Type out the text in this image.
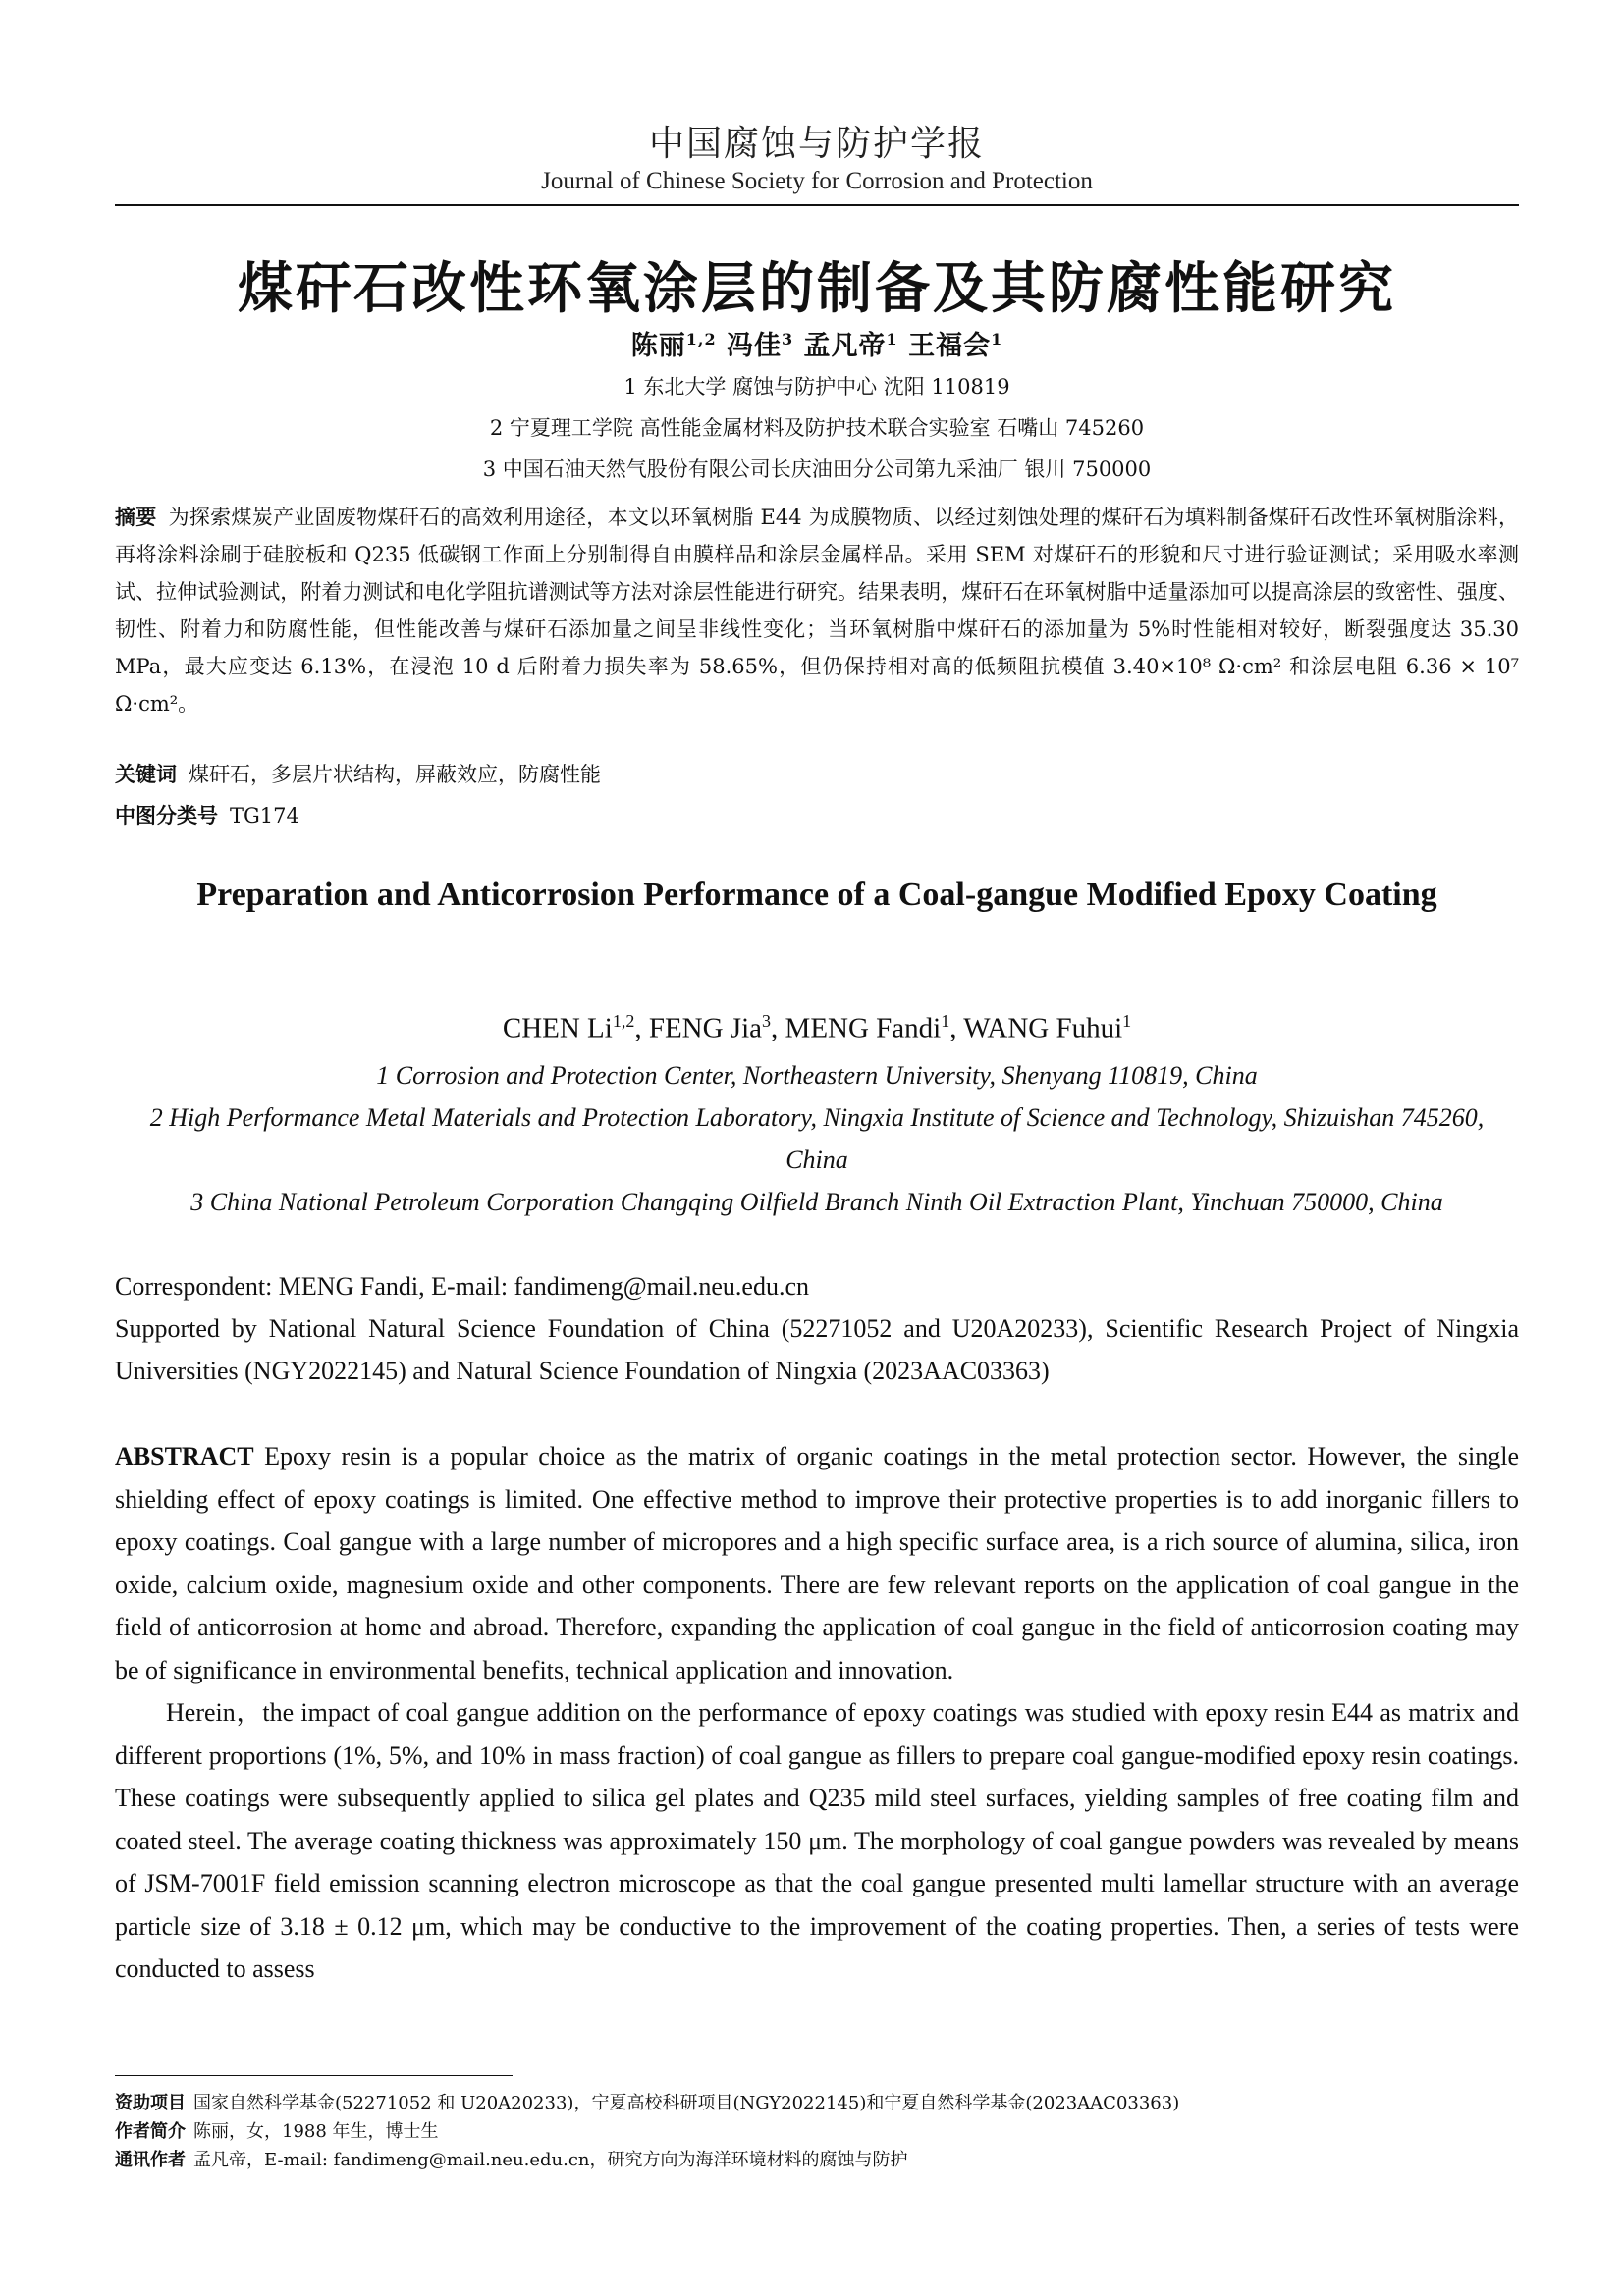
中国腐蚀与防护学报
Journal of Chinese Society for Corrosion and Protection
煤矸石改性环氧涂层的制备及其防腐性能研究
陈丽$^{1,2}$ 冯佳$^3$ 孟凡帝$^1$ 王福会$^1$
1 东北大学 腐蚀与防护中心 沈阳 110819
2 宁夏理工学院 高性能金属材料及防护技术联合实验室 石嘴山 745260
3 中国石油天然气股份有限公司长庆油田分公司第九采油厂 银川 750000
摘要 为探索煤炭产业固废物煤矸石的高效利用途径，本文以环氧树脂 E44 为成膜物质、以经过刻蚀处理的煤矸石为填料制备煤矸石改性环氧树脂涂料，再将涂料涂刷于硅胶板和 Q235 低碳钢工作面上分别制得自由膜样品和涂层金属样品。采用 SEM 对煤矸石的形貌和尺寸进行验证测试；采用吸水率测试、拉伸试验测试，附着力测试和电化学阻抗谱测试等方法对涂层性能进行研究。结果表明，煤矸石在环氧树脂中适量添加可以提高涂层的致密性、强度、韧性、附着力和防腐性能，但性能改善与煤矸石添加量之间呈非线性变化；当环氧树脂中煤矸石的添加量为 5%时性能相对较好，断裂强度达 35.30 MPa，最大应变达 6.13%，在浸泡 10 d 后附着力损失率为 58.65%，但仍保持相对高的低频阻抗模值 3.40×10⁸ Ω·cm² 和涂层电阻 6.36 × 10⁷ Ω·cm²。
关键词 煤矸石，多层片状结构，屏蔽效应，防腐性能
中图分类号 TG174
Preparation and Anticorrosion Performance of a Coal-gangue Modified Epoxy Coating
CHEN Li$^{1,2}$, FENG Jia$^3$, MENG Fandi$^1$, WANG Fuhui$^1$
1 Corrosion and Protection Center, Northeastern University, Shenyang 110819, China
2 High Performance Metal Materials and Protection Laboratory, Ningxia Institute of Science and Technology, Shizuishan 745260, China
3 China National Petroleum Corporation Changqing Oilfield Branch Ninth Oil Extraction Plant, Yinchuan 750000, China
Correspondent: MENG Fandi, E-mail: fandimeng@mail.neu.edu.cn
Supported by National Natural Science Foundation of China (52271052 and U20A20233), Scientific Research Project of Ningxia Universities (NGY2022145) and Natural Science Foundation of Ningxia (2023AAC03363)

ABSTRACT Epoxy resin is a popular choice as the matrix of organic coatings in the metal protection sector. However, the single shielding effect of epoxy coatings is limited. One effective method to improve their protective properties is to add inorganic fillers to epoxy coatings. Coal gangue with a large number of micropores and a high specific surface area, is a rich source of alumina, silica, iron oxide, calcium oxide, magnesium oxide and other components. There are few relevant reports on the application of coal gangue in the field of anticorrosion at home and abroad. Therefore, expanding the application of coal gangue in the field of anticorrosion coating may be of significance in environmental benefits, technical application and innovation.

Herein，the impact of coal gangue addition on the performance of epoxy coatings was studied with epoxy resin E44 as matrix and different proportions (1%, 5%, and 10% in mass fraction) of coal gangue as fillers to prepare coal gangue-modified epoxy resin coatings. These coatings were subsequently applied to silica gel plates and Q235 mild steel surfaces, yielding samples of free coating film and coated steel. The average coating thickness was approximately 150 μm. The morphology of coal gangue powders was revealed by means of JSM-7001F field emission scanning electron microscope as that the coal gangue presented multi lamellar structure with an average particle size of 3.18 ± 0.12 μm, which may be conductive to the improvement of the coating properties. Then, a series of tests were conducted to assess

资助项目 国家自然科学基金(52271052 和 U20A20233)，宁夏高校科研项目(NGY2022145)和宁夏自然科学基金(2023AAC03363)
作者简介 陈丽，女，1988 年生，博士生
通讯作者 孟凡帝，E-mail: fandimeng@mail.neu.edu.cn，研究方向为海洋环境材料的腐蚀与防护
